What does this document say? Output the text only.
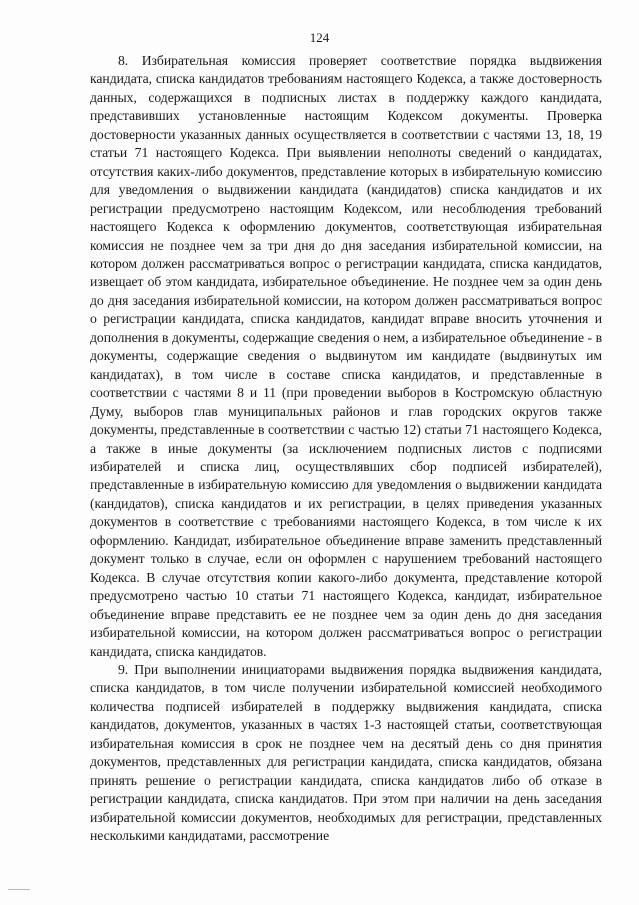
124

8. Избирательная комиссия проверяет соответствие порядка выдвижения кандидата, списка кандидатов требованиям настоящего Кодекса, а также достоверность данных, содержащихся в подписных листах в поддержку каждого кандидата, представивших установленные настоящим Кодексом документы. Проверка достоверности указанных данных осуществляется в соответствии с частями 13, 18, 19 статьи 71 настоящего Кодекса. При выявлении неполноты сведений о кандидатах, отсутствия каких-либо документов, представление которых в избирательную комиссию для уведомления о выдвижении кандидата (кандидатов) списка кандидатов и их регистрации предусмотрено настоящим Кодексом, или несоблюдения требований настоящего Кодекса к оформлению документов, соответствующая избирательная комиссия не позднее чем за три дня до дня заседания избирательной комиссии, на котором должен рассматриваться вопрос о регистрации кандидата, списка кандидатов, извещает об этом кандидата, избирательное объединение. Не позднее чем за один день до дня заседания избирательной комиссии, на котором должен рассматриваться вопрос о регистрации кандидата, списка кандидатов, кандидат вправе вносить уточнения и дополнения в документы, содержащие сведения о нем, а избирательное объединение - в документы, содержащие сведения о выдвинутом им кандидате (выдвинутых им кандидатах), в том числе в составе списка кандидатов, и представленные в соответствии с частями 8 и 11 (при проведении выборов в Костромскую областную Думу, выборов глав муниципальных районов и глав городских округов также документы, представленные в соответствии с частью 12) статьи 71 настоящего Кодекса, а также в иные документы (за исключением подписных листов с подписями избирателей и списка лиц, осуществлявших сбор подписей избирателей), представленные в избирательную комиссию для уведомления о выдвижении кандидата (кандидатов), списка кандидатов и их регистрации, в целях приведения указанных документов в соответствие с требованиями настоящего Кодекса, в том числе к их оформлению. Кандидат, избирательное объединение вправе заменить представленный документ только в случае, если он оформлен с нарушением требований настоящего Кодекса. В случае отсутствия копии какого-либо документа, представление которой предусмотрено частью 10 статьи 71 настоящего Кодекса, кандидат, избирательное объединение вправе представить ее не позднее чем за один день до дня заседания избирательной комиссии, на котором должен рассматриваться вопрос о регистрации кандидата, списка кандидатов.

9. При выполнении инициаторами выдвижения порядка выдвижения кандидата, списка кандидатов, в том числе получении избирательной комиссией необходимого количества подписей избирателей в поддержку выдвижения кандидата, списка кандидатов, документов, указанных в частях 1-3 настоящей статьи, соответствующая избирательная комиссия в срок не позднее чем на десятый день со дня принятия документов, представленных для регистрации кандидата, списка кандидатов, обязана принять решение о регистрации кандидата, списка кандидатов либо об отказе в регистрации кандидата, списка кандидатов. При этом при наличии на день заседания избирательной комиссии документов, необходимых для регистрации, представленных несколькими кандидатами, рассмотрение
